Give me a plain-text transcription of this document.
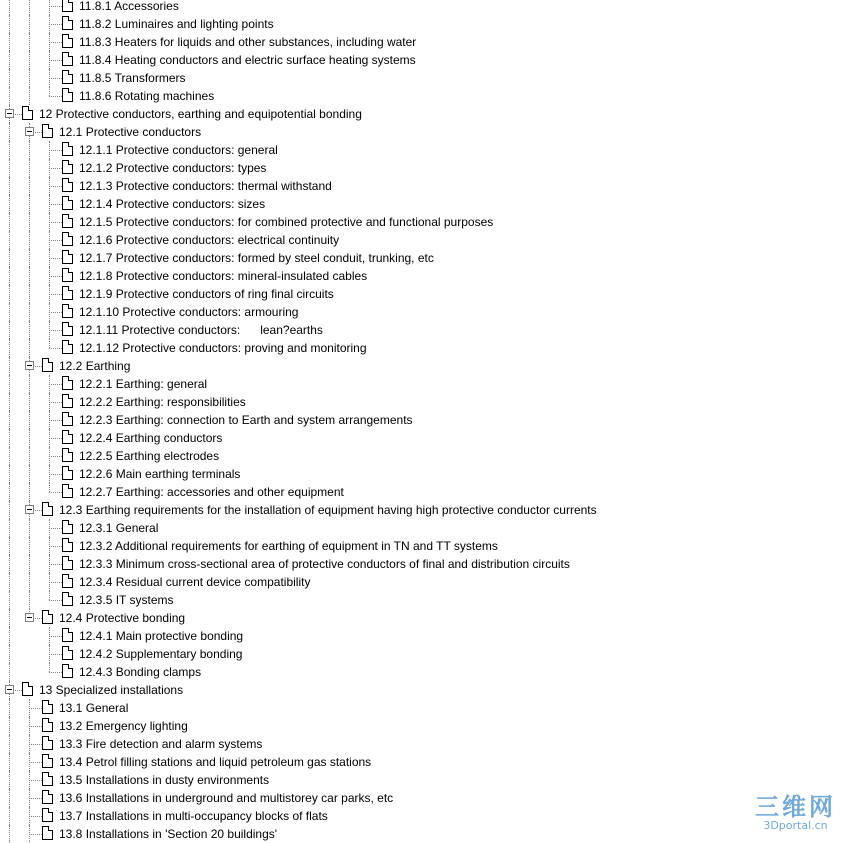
11.8.1 Accessories
11.8.2 Luminaires and lighting points
11.8.3 Heaters for liquids and other substances, including water
11.8.4 Heating conductors and electric surface heating systems
11.8.5 Transformers
11.8.6 Rotating machines
12 Protective conductors, earthing and equipotential bonding
12.1 Protective conductors
12.1.1 Protective conductors: general
12.1.2 Protective conductors: types
12.1.3 Protective conductors: thermal withstand
12.1.4 Protective conductors: sizes
12.1.5 Protective conductors: for combined protective and functional purposes
12.1.6 Protective conductors: electrical continuity
12.1.7 Protective conductors: formed by steel conduit, trunking, etc
12.1.8 Protective conductors: mineral-insulated cables
12.1.9 Protective conductors of ring final circuits
12.1.10 Protective conductors: armouring
12.1.11 Protective conductors:      lean?earths
12.1.12 Protective conductors: proving and monitoring
12.2 Earthing
12.2.1 Earthing: general
12.2.2 Earthing: responsibilities
12.2.3 Earthing: connection to Earth and system arrangements
12.2.4 Earthing conductors
12.2.5 Earthing electrodes
12.2.6 Main earthing terminals
12.2.7 Earthing: accessories and other equipment
12.3 Earthing requirements for the installation of equipment having high protective conductor currents
12.3.1 General
12.3.2 Additional requirements for earthing of equipment in TN and TT systems
12.3.3 Minimum cross-sectional area of protective conductors of final and distribution circuits
12.3.4 Residual current device compatibility
12.3.5 IT systems
12.4 Protective bonding
12.4.1 Main protective bonding
12.4.2 Supplementary bonding
12.4.3 Bonding clamps
13 Specialized installations
13.1 General
13.2 Emergency lighting
13.3 Fire detection and alarm systems
13.4 Petrol filling stations and liquid petroleum gas stations
13.5 Installations in dusty environments
13.6 Installations in underground and multistorey car parks, etc
13.7 Installations in multi-occupancy blocks of flats
13.8 Installations in 'Section 20 buildings'
三维网
3Dportal.cn
